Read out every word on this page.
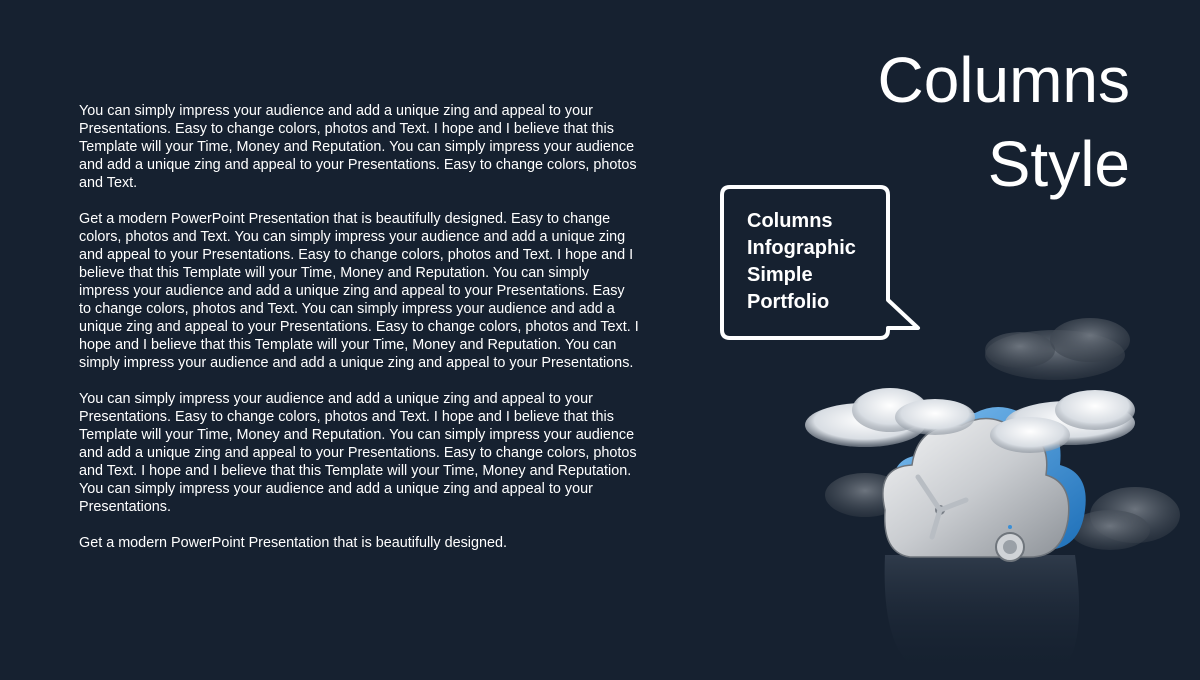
Columns
Style

You can simply impress your audience and add a unique zing and appeal to your Presentations. Easy to change colors, photos and Text. I hope and I believe that this Template will your Time, Money and Reputation. You can simply impress your audience and add a unique zing and appeal to your Presentations. Easy to change colors, photos and Text.

Get a modern PowerPoint Presentation that is beautifully designed. Easy to change colors, photos and Text. You can simply impress your audience and add a unique zing and appeal to your Presentations. Easy to change colors, photos and Text. I hope and I believe that this Template will your Time, Money and Reputation. You can simply impress your audience and add a unique zing and appeal to your Presentations. Easy to change colors, photos and Text. You can simply impress your audience and add a unique zing and appeal to your Presentations. Easy to change colors, photos and Text. I hope and I believe that this Template will your Time, Money and Reputation. You can simply impress your audience and add a unique zing and appeal to your Presentations.

You can simply impress your audience and add a unique zing and appeal to your Presentations. Easy to change colors, photos and Text. I hope and I believe that this Template will your Time, Money and Reputation. You can simply impress your audience and add a unique zing and appeal to your Presentations. Easy to change colors, photos and Text. I hope and I believe that this Template will your Time, Money and Reputation. You can simply impress your audience and add a unique zing and appeal to your Presentations.

Get a modern PowerPoint Presentation that is beautifully designed.

Columns
Infographic
Simple
Portfolio
